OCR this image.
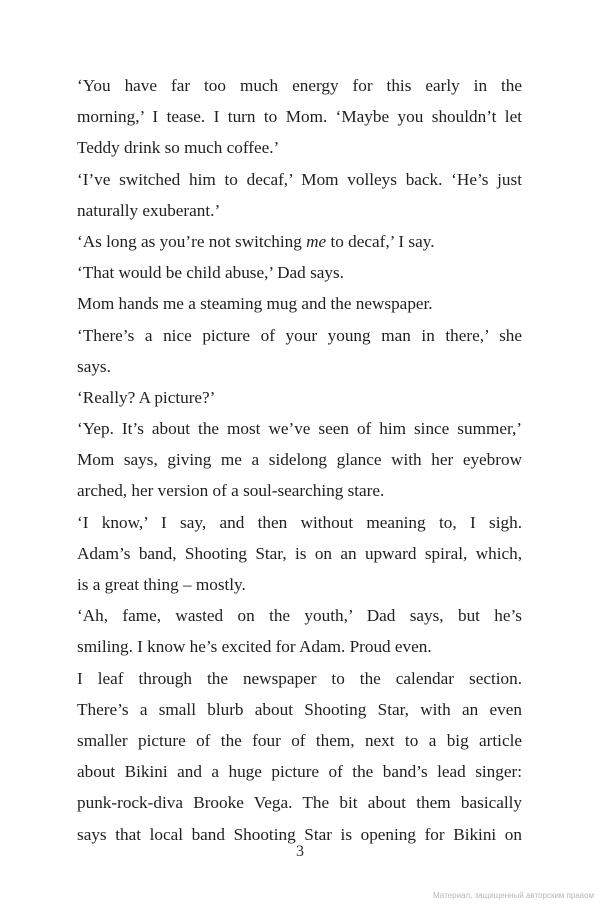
‘You have far too much energy for this early in the
morning,’ I tease. I turn to Mom. ‘Maybe you shouldn’t let
Teddy drink so much coffee.’
‘I’ve switched him to decaf,’ Mom volleys back. ‘He’s just
naturally exuberant.’
‘As long as you’re not switching me to decaf,’ I say.
‘That would be child abuse,’ Dad says.
Mom hands me a steaming mug and the newspaper.
‘There’s a nice picture of your young man in there,’ she
says.
‘Really? A picture?’
‘Yep. It’s about the most we’ve seen of him since summer,’
Mom says, giving me a sidelong glance with her eyebrow
arched, her version of a soul-searching stare.
‘I know,’ I say, and then without meaning to, I sigh.
Adam’s band, Shooting Star, is on an upward spiral, which,
is a great thing – mostly.
‘Ah, fame, wasted on the youth,’ Dad says, but he’s
smiling. I know he’s excited for Adam. Proud even.
I leaf through the newspaper to the calendar section.
There’s a small blurb about Shooting Star, with an even
smaller picture of the four of them, next to a big article
about Bikini and a huge picture of the band’s lead singer:
punk-rock-diva Brooke Vega. The bit about them basically
says that local band Shooting Star is opening for Bikini on
3
Материал, защищенный авторским правом
